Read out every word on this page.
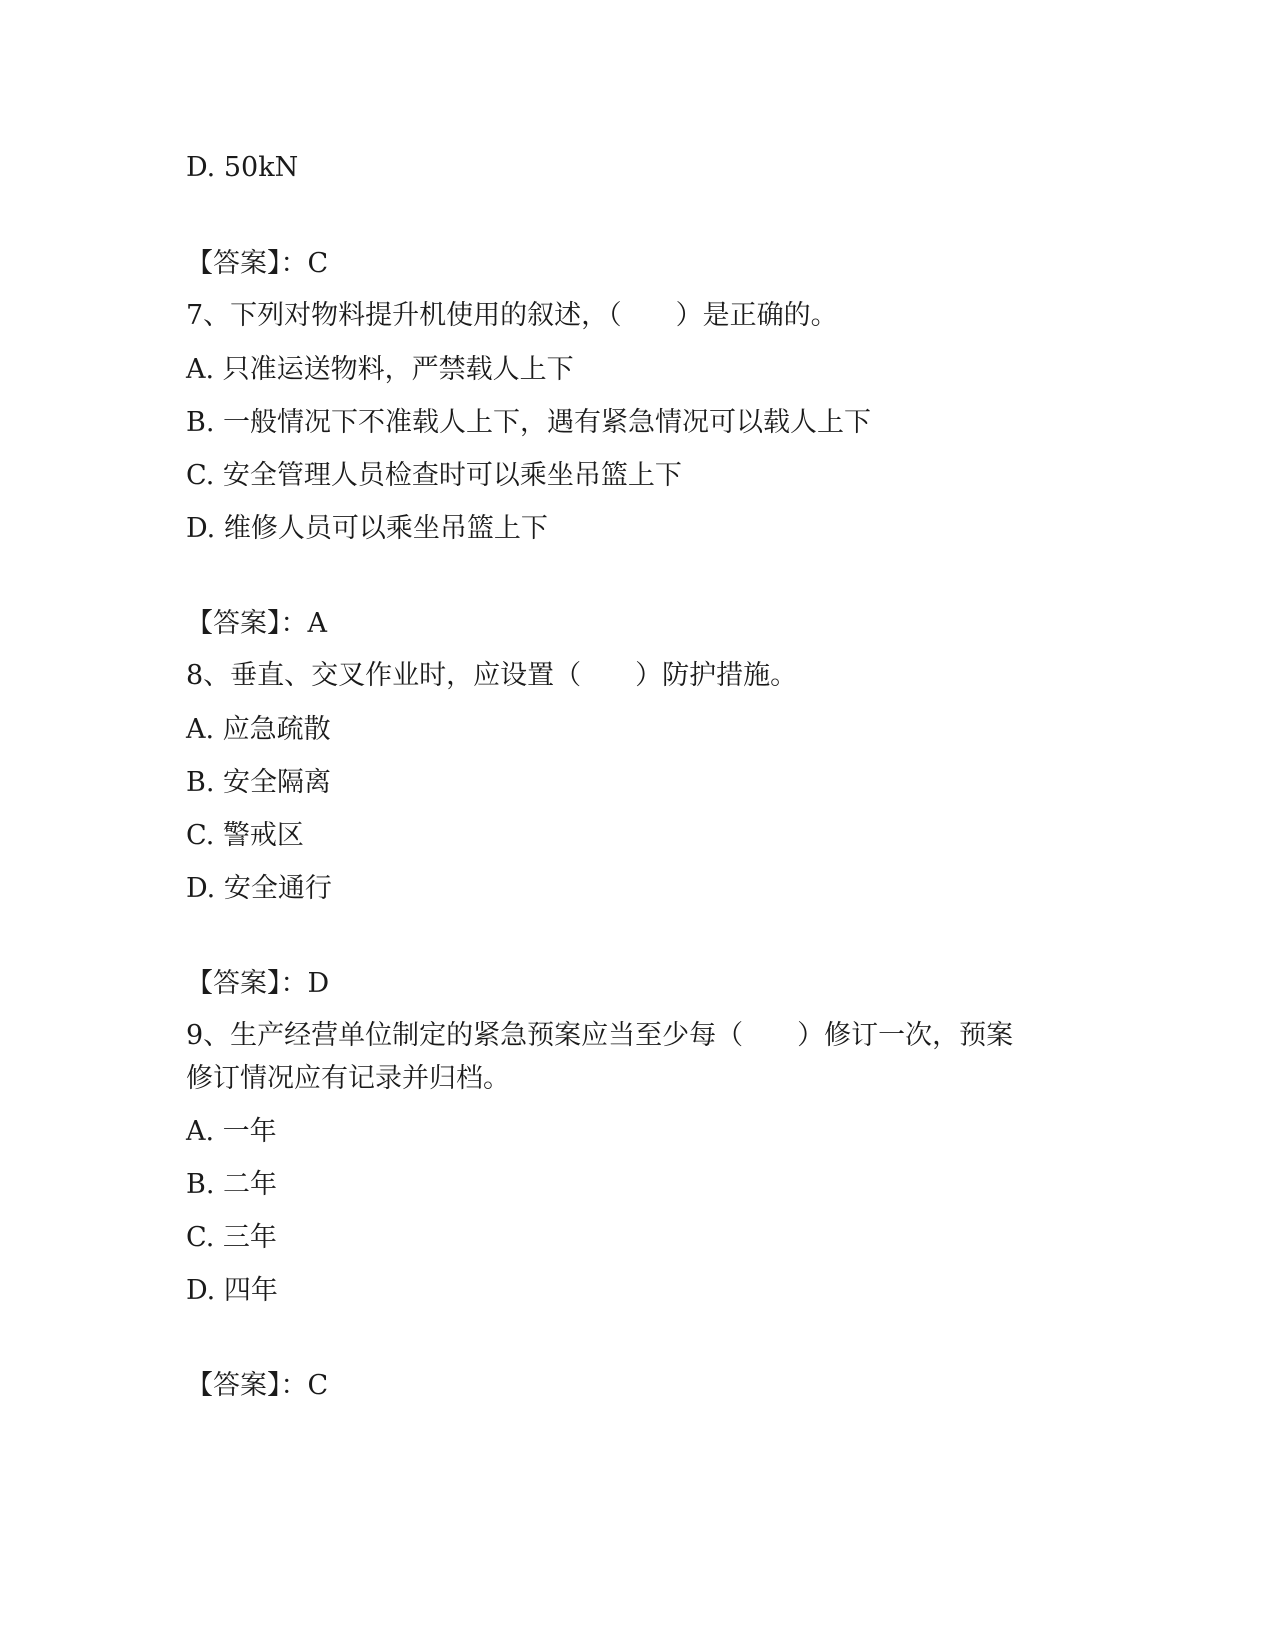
D. 50kN
【答案】：C
7、下列对物料提升机使用的叙述，（　　）是正确的。
A. 只准运送物料，严禁载人上下
B. 一般情况下不准载人上下，遇有紧急情况可以载人上下
C. 安全管理人员检查时可以乘坐吊篮上下
D. 维修人员可以乘坐吊篮上下
【答案】：A
8、垂直、交叉作业时，应设置（　　）防护措施。
A. 应急疏散
B. 安全隔离
C. 警戒区
D. 安全通行
【答案】：D
9、生产经营单位制定的紧急预案应当至少每（　　）修订一次，预案
修订情况应有记录并归档。
A. 一年
B. 二年
C. 三年
D. 四年
【答案】：C
